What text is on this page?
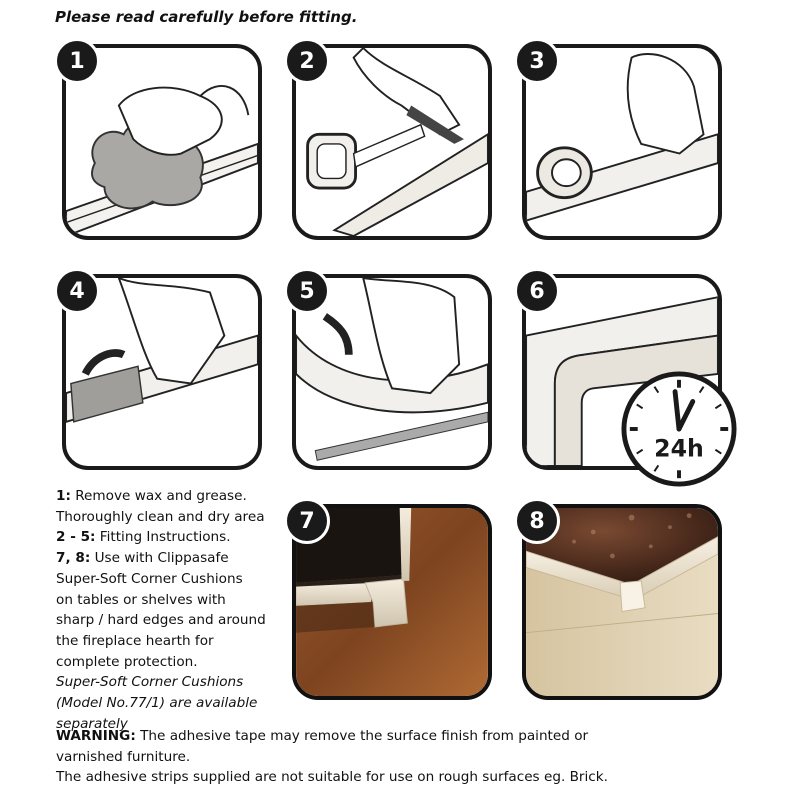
Please read carefully before fitting.
1	2	3
4	5	6
24h
7	8
1: Remove wax and grease.
Thoroughly clean and dry area
2 - 5: Fitting Instructions.
7, 8: Use with Clippasafe
Super-Soft Corner Cushions
on tables or shelves with
sharp / hard edges and around
the fireplace hearth for
complete protection.
Super-Soft Corner Cushions
(Model No.77/1) are available
separately
WARNING: The adhesive tape may remove the surface finish from painted or
varnished furniture.
The adhesive strips supplied are not suitable for use on rough surfaces eg. Brick.
